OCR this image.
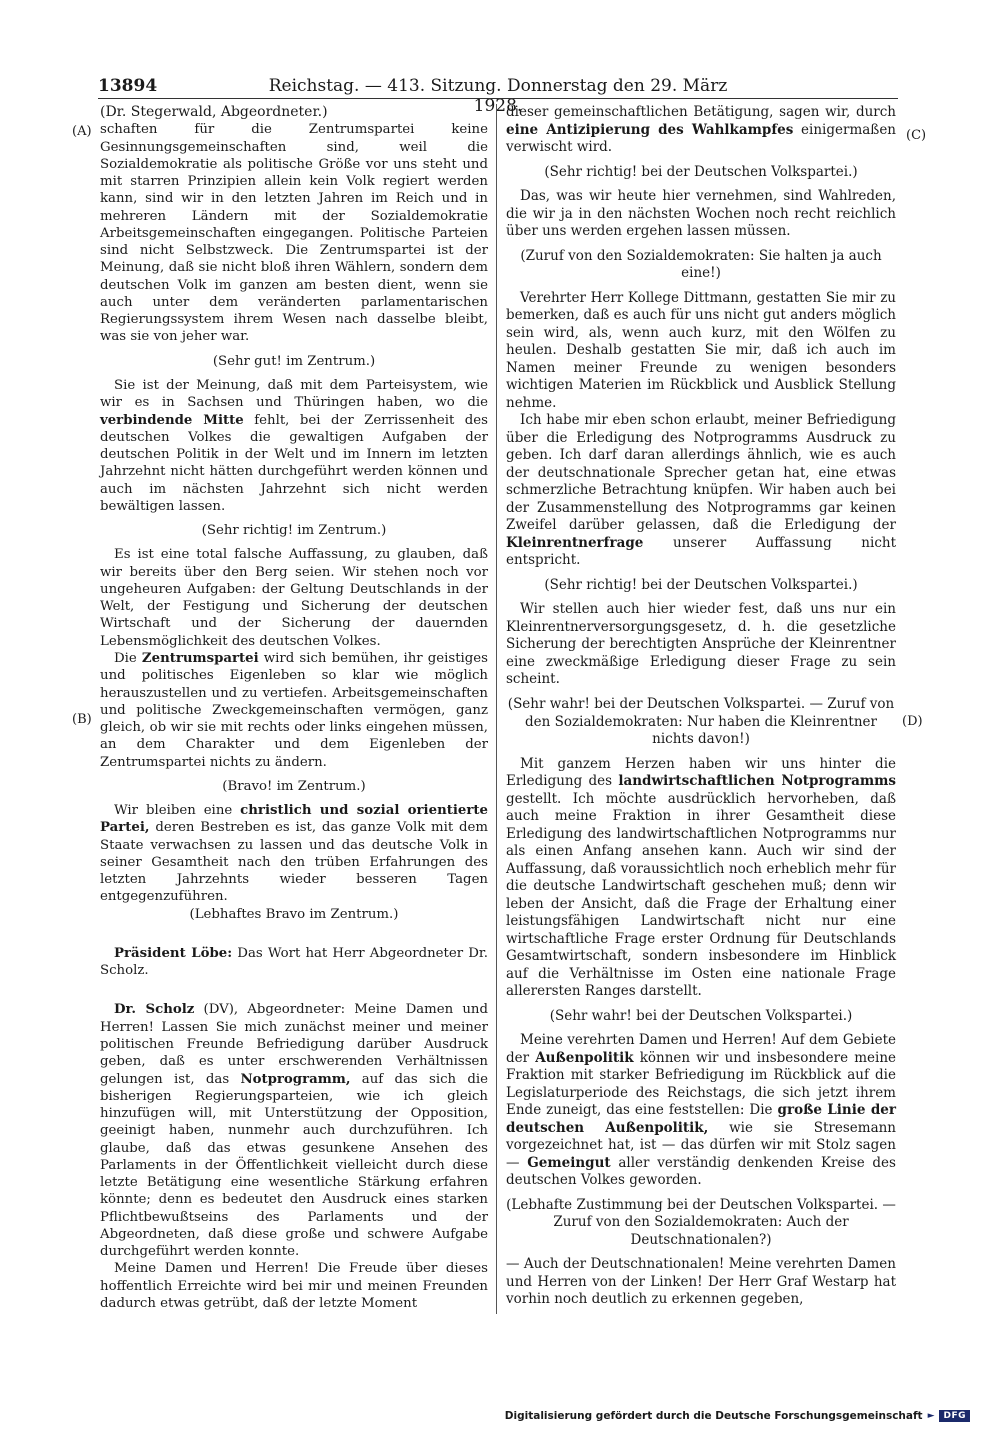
13894	Reichstag. — 413. Sitzung. Donnerstag den 29. März 1928.
(A)
(B)
(C)
(D)

(Dr. Stegerwald, Abgeordneter.)

schaften für die Zentrumspartei keine Gesinnungsgemeinschaften sind, weil die Sozialdemokratie als politische Größe vor uns steht und mit starren Prinzipien allein kein Volk regiert werden kann, sind wir in den letzten Jahren im Reich und in mehreren Ländern mit der Sozialdemokratie Arbeitsgemeinschaften eingegangen. Politische Parteien sind nicht Selbstzweck. Die Zentrumspartei ist der Meinung, daß sie nicht bloß ihren Wählern, sondern dem deutschen Volk im ganzen am besten dient, wenn sie auch unter dem veränderten parlamentarischen Regierungssystem ihrem Wesen nach dasselbe bleibt, was sie von jeher war.

(Sehr gut! im Zentrum.)

Sie ist der Meinung, daß mit dem Parteisystem, wie wir es in Sachsen und Thüringen haben, wo die verbindende Mitte fehlt, bei der Zerrissenheit des deutschen Volkes die gewaltigen Aufgaben der deutschen Politik in der Welt und im Innern im letzten Jahrzehnt nicht hätten durchgeführt werden können und auch im nächsten Jahrzehnt sich nicht werden bewältigen lassen.

(Sehr richtig! im Zentrum.)

Es ist eine total falsche Auffassung, zu glauben, daß wir bereits über den Berg seien. Wir stehen noch vor ungeheuren Aufgaben: der Geltung Deutschlands in der Welt, der Festigung und Sicherung der deutschen Wirtschaft und der Sicherung der dauernden Lebensmöglichkeit des deutschen Volkes.

Die Zentrumspartei wird sich bemühen, ihr geistiges und politisches Eigenleben so klar wie möglich herauszustellen und zu vertiefen. Arbeitsgemeinschaften und politische Zweckgemeinschaften vermögen, ganz gleich, ob wir sie mit rechts oder links eingehen müssen, an dem Charakter und dem Eigenleben der Zentrumspartei nichts zu ändern.

(Bravo! im Zentrum.)

Wir bleiben eine christlich und sozial orientierte Partei, deren Bestreben es ist, das ganze Volk mit dem Staate verwachsen zu lassen und das deutsche Volk in seiner Gesamtheit nach den trüben Erfahrungen des letzten Jahrzehnts wieder besseren Tagen entgegenzuführen.

(Lebhaftes Bravo im Zentrum.)

Präsident Löbe: Das Wort hat Herr Abgeordneter Dr. Scholz.

Dr. Scholz (DV), Abgeordneter: Meine Damen und Herren! Lassen Sie mich zunächst meiner und meiner politischen Freunde Befriedigung darüber Ausdruck geben, daß es unter erschwerenden Verhältnissen gelungen ist, das Notprogramm, auf das sich die bisherigen Regierungsparteien, wie ich gleich hinzufügen will, mit Unterstützung der Opposition, geeinigt haben, nunmehr auch durchzuführen. Ich glaube, daß das etwas gesunkene Ansehen des Parlaments in der Öffentlichkeit vielleicht durch diese letzte Betätigung eine wesentliche Stärkung erfahren könnte; denn es bedeutet den Ausdruck eines starken Pflichtbewußtseins des Parlaments und der Abgeordneten, daß diese große und schwere Aufgabe durchgeführt werden konnte.

Meine Damen und Herren! Die Freude über dieses hoffentlich Erreichte wird bei mir und meinen Freunden dadurch etwas getrübt, daß der letzte Moment

dieser gemeinschaftlichen Betätigung, sagen wir, durch eine Antizipierung des Wahlkampfes einigermaßen verwischt wird.

(Sehr richtig! bei der Deutschen Volkspartei.)

Das, was wir heute hier vernehmen, sind Wahlreden, die wir ja in den nächsten Wochen noch recht reichlich über uns werden ergehen lassen müssen.

(Zuruf von den Sozialdemokraten: Sie halten ja auch eine!)

Verehrter Herr Kollege Dittmann, gestatten Sie mir zu bemerken, daß es auch für uns nicht gut anders möglich sein wird, als, wenn auch kurz, mit den Wölfen zu heulen. Deshalb gestatten Sie mir, daß ich auch im Namen meiner Freunde zu wenigen besonders wichtigen Materien im Rückblick und Ausblick Stellung nehme.

Ich habe mir eben schon erlaubt, meiner Befriedigung über die Erledigung des Notprogramms Ausdruck zu geben. Ich darf daran allerdings ähnlich, wie es auch der deutschnationale Sprecher getan hat, eine etwas schmerzliche Betrachtung knüpfen. Wir haben auch bei der Zusammenstellung des Notprogramms gar keinen Zweifel darüber gelassen, daß die Erledigung der Kleinrentnerfrage unserer Auffassung nicht entspricht.

(Sehr richtig! bei der Deutschen Volkspartei.)

Wir stellen auch hier wieder fest, daß uns nur ein Kleinrentnerversorgungsgesetz, d. h. die gesetzliche Sicherung der berechtigten Ansprüche der Kleinrentner eine zweckmäßige Erledigung dieser Frage zu sein scheint.

(Sehr wahr! bei der Deutschen Volkspartei. — Zuruf von den Sozialdemokraten: Nur haben die Kleinrentner nichts davon!)

Mit ganzem Herzen haben wir uns hinter die Erledigung des landwirtschaftlichen Notprogramms gestellt. Ich möchte ausdrücklich hervorheben, daß auch meine Fraktion in ihrer Gesamtheit diese Erledigung des landwirtschaftlichen Notprogramms nur als einen Anfang ansehen kann. Auch wir sind der Auffassung, daß voraussichtlich noch erheblich mehr für die deutsche Landwirtschaft geschehen muß; denn wir leben der Ansicht, daß die Frage der Erhaltung einer leistungsfähigen Landwirtschaft nicht nur eine wirtschaftliche Frage erster Ordnung für Deutschlands Gesamtwirtschaft, sondern insbesondere im Hinblick auf die Verhältnisse im Osten eine nationale Frage allerersten Ranges darstellt.

(Sehr wahr! bei der Deutschen Volkspartei.)

Meine verehrten Damen und Herren! Auf dem Gebiete der Außenpolitik können wir und insbesondere meine Fraktion mit starker Befriedigung im Rückblick auf die Legislaturperiode des Reichstags, die sich jetzt ihrem Ende zuneigt, das eine feststellen: Die große Linie der deutschen Außenpolitik, wie sie Stresemann vorgezeichnet hat, ist — das dürfen wir mit Stolz sagen — Gemeingut aller verständig denkenden Kreise des deutschen Volkes geworden.

(Lebhafte Zustimmung bei der Deutschen Volkspartei. — Zuruf von den Sozialdemokraten: Auch der Deutschnationalen?)

— Auch der Deutschnationalen! Meine verehrten Damen und Herren von der Linken! Der Herr Graf Westarp hat vorhin noch deutlich zu erkennen gegeben,

Digitalisierung gefördert durch die Deutsche Forschungsgemeinschaft ►	DFG
